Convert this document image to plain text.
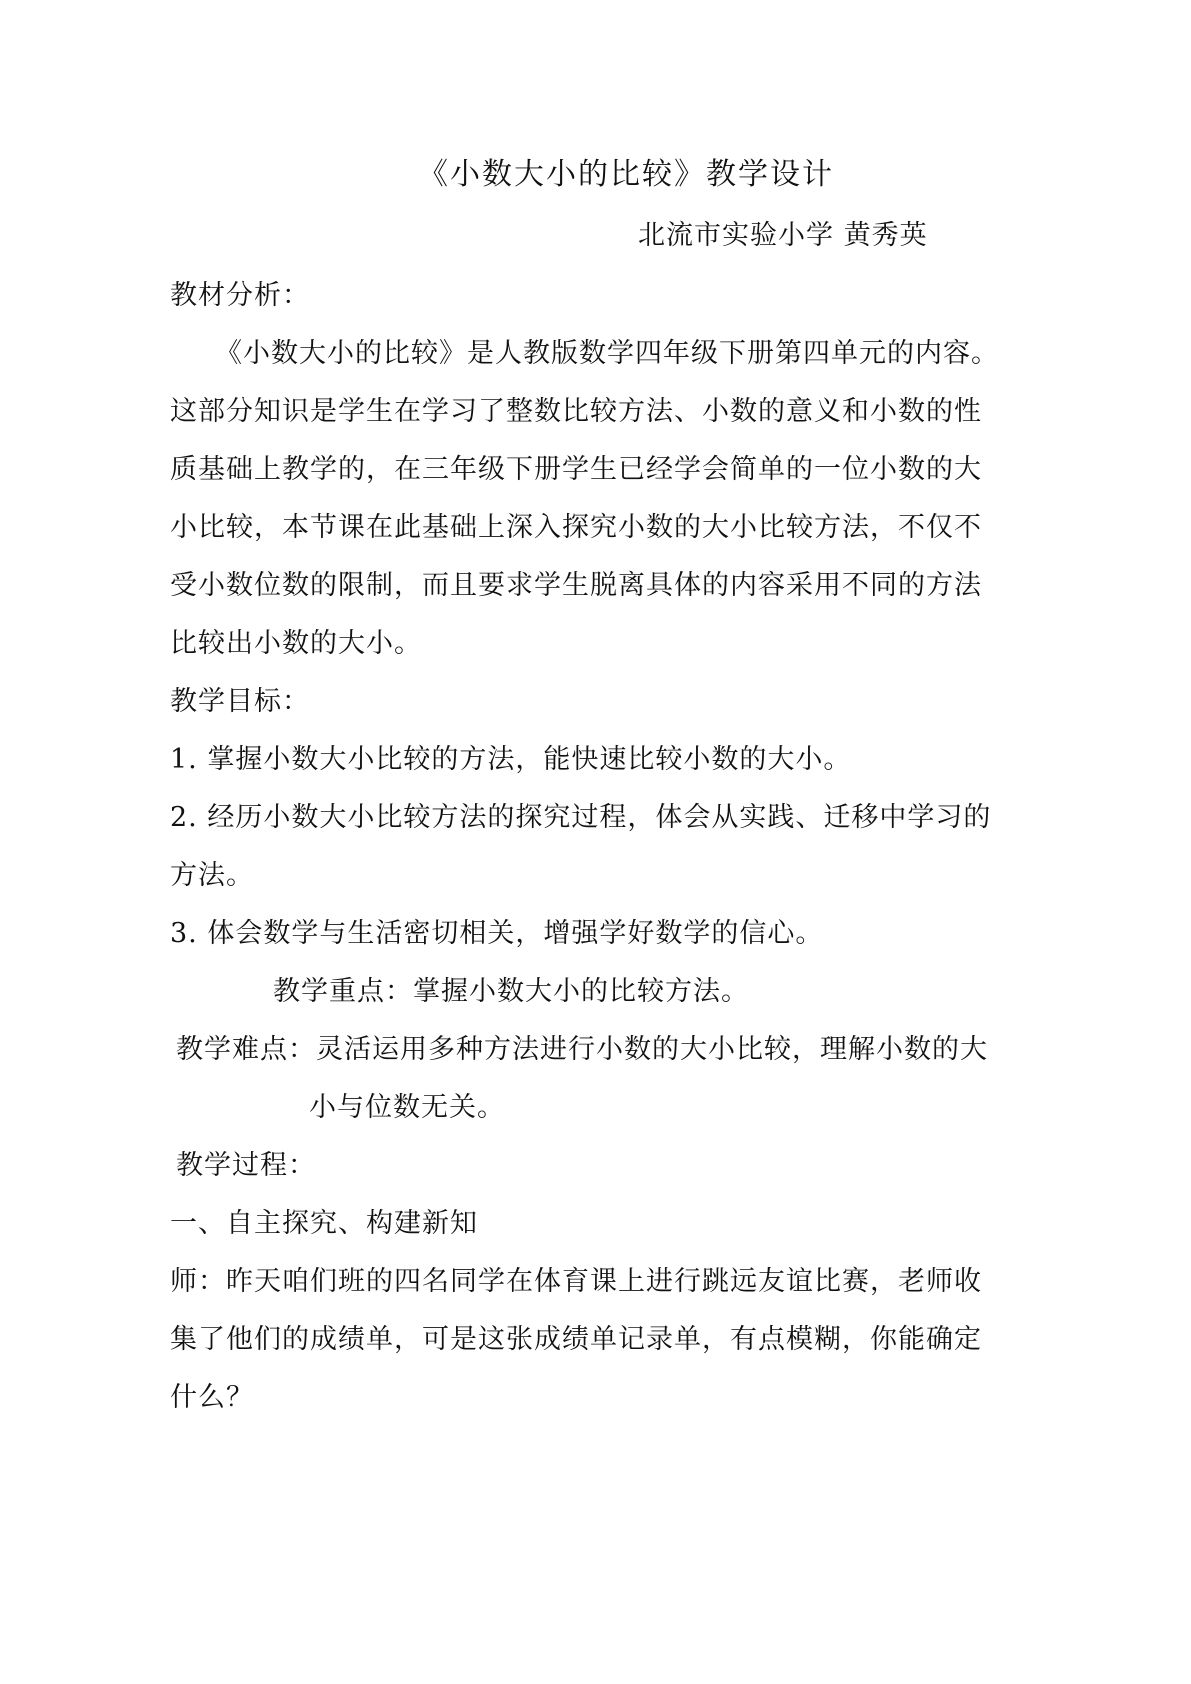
《小数大小的比较》教学设计
北流市实验小学 黄秀英
教材分析：
《小数大小的比较》是人教版数学四年级下册第四单元的内容。
这部分知识是学生在学习了整数比较方法、小数的意义和小数的性
质基础上教学的，在三年级下册学生已经学会简单的一位小数的大
小比较，本节课在此基础上深入探究小数的大小比较方法，不仅不
受小数位数的限制，而且要求学生脱离具体的内容采用不同的方法
比较出小数的大小。
教学目标：
1. 掌握小数大小比较的方法，能快速比较小数的大小。
2. 经历小数大小比较方法的探究过程，体会从实践、迁移中学习的
方法。
3. 体会数学与生活密切相关，增强学好数学的信心。
教学重点：掌握小数大小的比较方法。
教学难点：灵活运用多种方法进行小数的大小比较，理解小数的大
小与位数无关。
教学过程：
一、自主探究、构建新知
师：昨天咱们班的四名同学在体育课上进行跳远友谊比赛，老师收
集了他们的成绩单，可是这张成绩单记录单，有点模糊，你能确定
什么？
